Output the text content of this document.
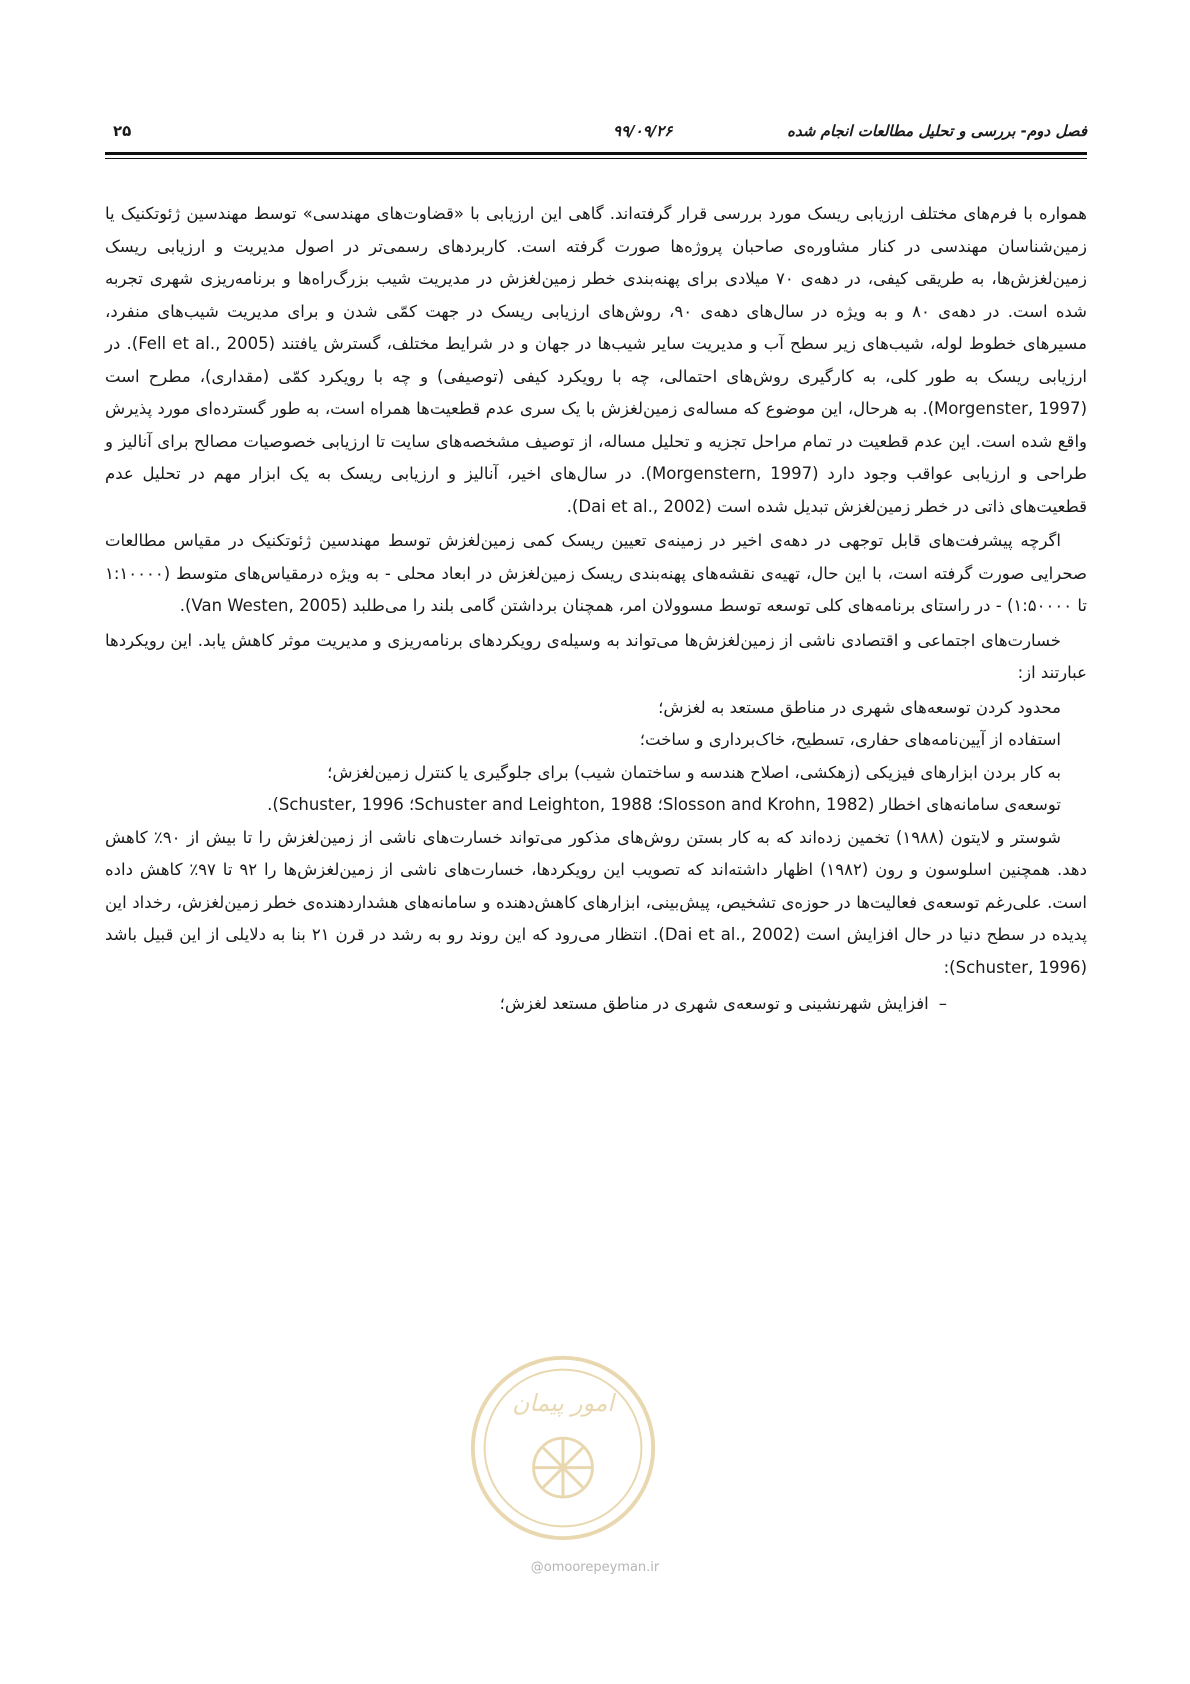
فصل دوم- بررسی و تحلیل مطالعات انجام شده
۹۹/۰۹/۲۶
۲۵

همواره با فرم‌های مختلف ارزیابی ریسک مورد بررسی قرار گرفته‌اند. گاهی این ارزیابی با «قضاوت‌های مهندسی» توسط مهندسین ژئوتکنیک یا زمین‌شناسان مهندسی در کنار مشاوره‌ی صاحبان پروژه‌ها صورت گرفته است. کاربردهای رسمی‌تر در اصول مدیریت و ارزیابی ریسک زمین‌لغزش‌ها، به طریقی کیفی، در دهه‌ی ۷۰ میلادی برای پهنه‌بندی خطر زمین‌لغزش در مدیریت شیب بزرگ‌راه‌ها و برنامه‌ریزی شهری تجربه شده است. در دهه‌ی ۸۰ و به ویژه در سال‌های دهه‌ی ۹۰، روش‌های ارزیابی ریسک در جهت کمّی شدن و برای مدیریت شیب‌های منفرد، مسیرهای خطوط لوله، شیب‌های زیر سطح آب و مدیریت سایر شیب‌ها در جهان و در شرایط مختلف، گسترش یافتند (Fell et al., 2005). در ارزیابی ریسک به طور کلی، به کارگیری روش‌های احتمالی، چه با رویکرد کیفی (توصیفی) و چه با رویکرد کمّی (مقداری)، مطرح است (Morgenster, 1997). به هرحال، این موضوع که مساله‌ی زمین‌لغزش با یک سری عدم قطعیت‌ها همراه است، به طور گسترده‌ای مورد پذیرش واقع شده است. این عدم قطعیت در تمام مراحل تجزیه و تحلیل مساله، از توصیف مشخصه‌های سایت تا ارزیابی خصوصیات مصالح برای آنالیز و طراحی و ارزیابی عواقب وجود دارد (Morgenstern, 1997). در سال‌های اخیر، آنالیز و ارزیابی ریسک به یک ابزار مهم در تحلیل عدم قطعیت‌های ذاتی در خطر زمین‌لغزش تبدیل شده است (Dai et al., 2002).

اگرچه پیشرفت‌های قابل توجهی در دهه‌ی اخیر در زمینه‌ی تعیین ریسک کمی زمین‌لغزش توسط مهندسین ژئوتکنیک در مقیاس مطالعات صحرایی صورت گرفته است، با این حال، تهیه‌ی نقشه‌های پهنه‌بندی ریسک زمین‌لغزش در ابعاد محلی - به ویژه درمقیاس‌های متوسط (۱:۱۰۰۰۰ تا ۱:۵۰۰۰۰) - در راستای برنامه‌های کلی توسعه توسط مسوولان امر، همچنان برداشتن گامی بلند را می‌طلبد (Van Westen, 2005).

خسارت‌های اجتماعی و اقتصادی ناشی از زمین‌لغزش‌ها می‌تواند به وسیله‌ی رویکردهای برنامه‌ریزی و مدیریت موثر کاهش یابد. این رویکردها عبارتند از:

محدود کردن توسعه‌های شهری در مناطق مستعد به لغزش؛
استفاده از آیین‌نامه‌های حفاری، تسطیح، خاک‌برداری و ساخت؛
به کار بردن ابزارهای فیزیکی (زهکشی، اصلاح هندسه و ساختمان شیب) برای جلوگیری یا کنترل زمین‌لغزش؛
توسعه‌ی سامانه‌های اخطار (Slosson and Krohn, 1982؛ Schuster and Leighton, 1988؛ Schuster, 1996).

شوستر و لایتون (۱۹۸۸) تخمین زده‌اند که به کار بستن روش‌های مذکور می‌تواند خسارت‌های ناشی از زمین‌لغزش را تا بیش از ۹۰٪ کاهش دهد. همچنین اسلوسون و رون (۱۹۸۲) اظهار داشته‌اند که تصویب این رویکردها، خسارت‌های ناشی از زمین‌لغزش‌ها را ۹۲ تا ۹۷٪ کاهش داده است. علی‌رغم توسعه‌ی فعالیت‌ها در حوزه‌ی تشخیص، پیش‌بینی، ابزارهای کاهش‌دهنده و سامانه‌های هشداردهنده‌ی خطر زمین‌لغزش، رخداد این پدیده در سطح دنیا در حال افزایش است (Dai et al., 2002). انتظار می‌رود که این روند رو به رشد در قرن ۲۱ بنا به دلایلی از این قبیل باشد (Schuster, 1996):

–افزایش شهرنشینی و توسعه‌ی شهری در مناطق مستعد لغزش؛
امور پیمان
@omoorepeyman.ir
